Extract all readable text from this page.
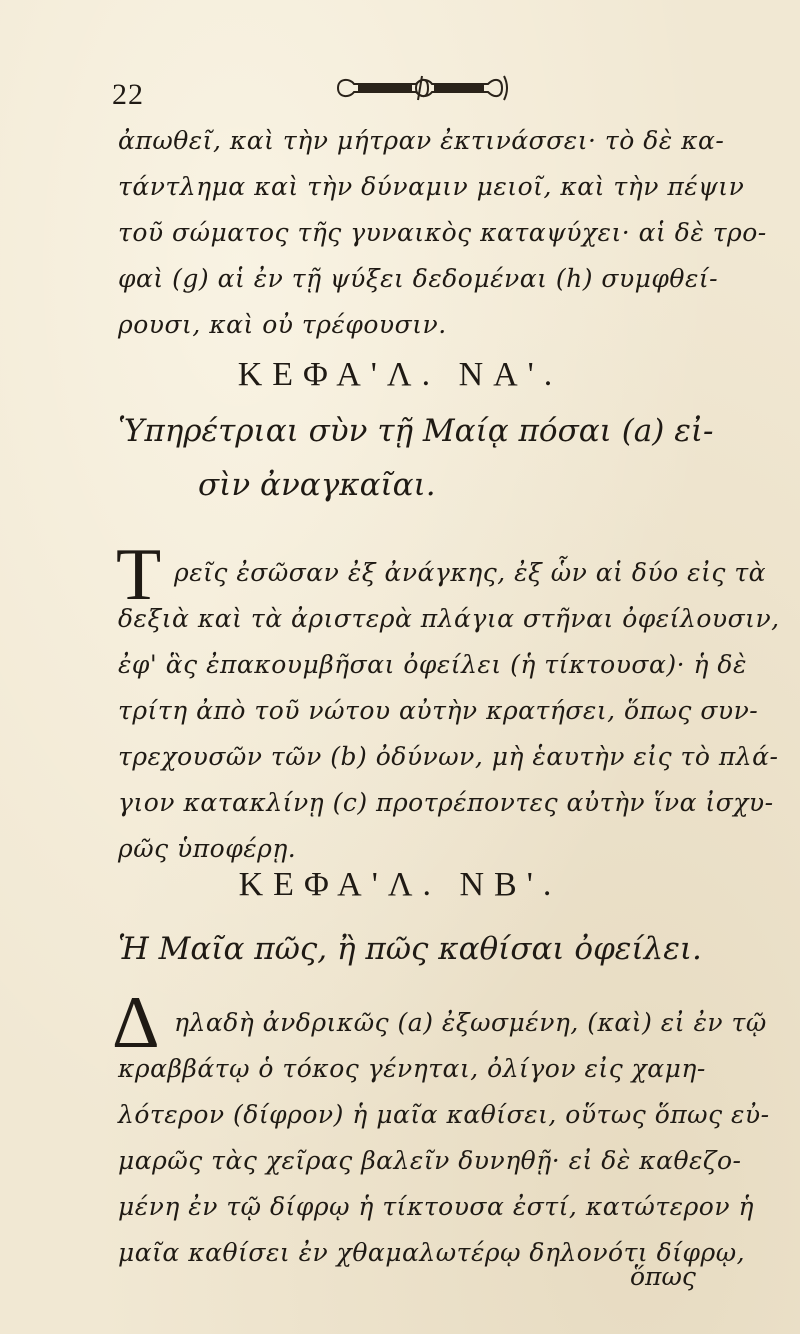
22
ἀπωθεῖ, καὶ τὴν μήτραν ἐκτινάσσει· τὸ δὲ κα-
τάντλημα καὶ τὴν δύναμιν μειοῖ, καὶ τὴν πέψιν
τοῦ σώματος τῆς γυναικὸς καταψύχει· αἱ δὲ τρο-
φαὶ (g) αἱ ἐν τῇ ψύξει δεδομέναι (h) συμφθεί-
ρουσι, καὶ οὐ τρέφουσιν.
ΚΕΦΑ'Λ. ΝΑ'.
Ὑπηρέτριαι σὺν τῇ Μαίᾳ πόσαι (a) εἰ-
σὶν ἀναγκαῖαι.
Τ ρεῖς ἐσῶσαν ἐξ ἀνάγκης, ἐξ ὧν αἱ δύο εἰς τὰ
δεξιὰ καὶ τὰ ἀριστερὰ πλάγια στῆναι ὀφείλουσιν,
ἐφ' ἃς ἐπακουμβῆσαι ὀφείλει (ἡ τίκτουσα)· ἡ δὲ
τρίτη ἀπὸ τοῦ νώτου αὐτὴν κρατήσει, ὅπως συν-
τρεχουσῶν τῶν (b) ὀδύνων, μὴ ἑαυτὴν εἰς τὸ πλά-
γιον κατακλίνῃ (c) προτρέποντες αὐτὴν ἵνα ἰσχυ-
ρῶς ὑποφέρῃ.
ΚΕΦΑ'Λ. ΝΒ'.
Ἡ Μαῖα πῶς, ἢ πῶς καθίσαι ὀφείλει.
Δ ηλαδὴ ἀνδρικῶς (a) ἐξωσμένη, (καὶ) εἰ ἐν τῷ
κραββάτῳ ὁ τόκος γένηται, ὀλίγον εἰς χαμη-
λότερον (δίφρον) ἡ μαῖα καθίσει, οὕτως ὅπως εὐ-
μαρῶς τὰς χεῖρας βαλεῖν δυνηθῇ· εἰ δὲ καθεζο-
μένη ἐν τῷ δίφρῳ ἡ τίκτουσα ἐστί, κατώτερον ἡ
μαῖα καθίσει ἐν χθαμαλωτέρῳ δηλονότι δίφρῳ,
ὅπως
